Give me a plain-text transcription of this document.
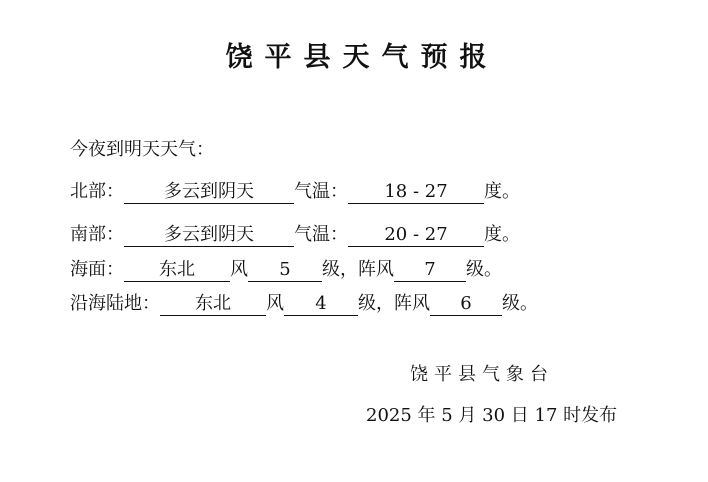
饶平县天气预报
今夜到明天天气：
北部： 多云到阴天 气温： 18 - 27 度。
南部： 多云到阴天 气温： 20 - 27 度。
海面： 东北 风 5 级，阵风 7 级。
沿海陆地： 东北 风 4 级，阵风 6 级。
饶平县气象台
2025 年 5 月 30 日 17 时发布
